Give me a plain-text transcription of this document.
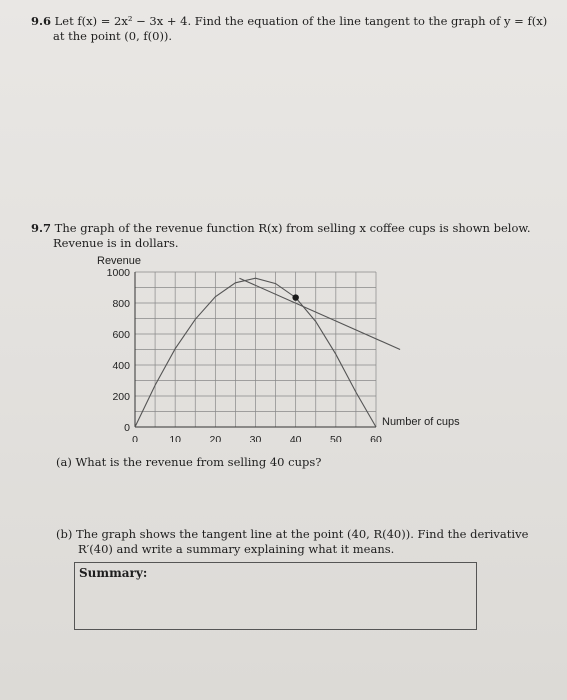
9.6 Let f(x) = 2x² − 3x + 4. Find the equation of the line tangent to the graph of y = f(x)
at the point (0, f(0)).
9.7 The graph of the revenue function R(x) from selling x coffee cups is shown below.
Revenue is in dollars.
0	10	20	30	40	50	60
0
200
400
600
800
1000
Revenue
Number of cups
(a) What is the revenue from selling 40 cups?
(b) The graph shows the tangent line at the point (40, R(40)). Find the derivative
R′(40) and write a summary explaining what it means.
Summary:
